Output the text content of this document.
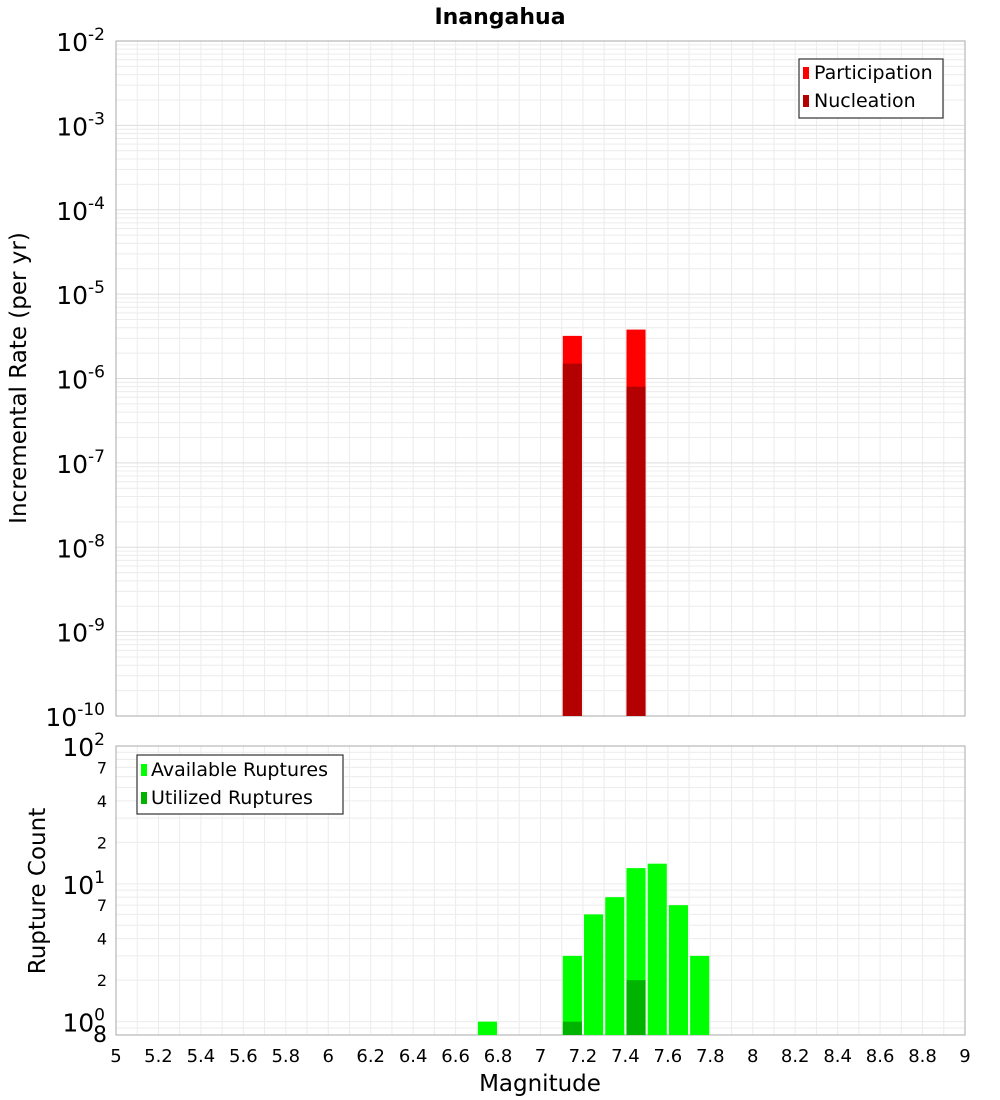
Inangahua
$10^{-10}$
$10^{-9}$
$10^{-8}$
$10^{-7}$
$10^{-6}$
$10^{-5}$
$10^{-4}$
$10^{-3}$
$10^{-2}$
Participation
Nucleation
Incremental Rate (per yr)
8
2
4
7
2
4
7
$10^0$
$10^1$
$10^2$
5 5.2 5.4 5.6 5.8 6 6.2 6.4 6.6 6.8 7 7.2 7.4 7.6 7.8 8 8.2 8.4 8.6 8.8 9
Available Ruptures
Utilized Ruptures
Rupture Count
Magnitude
